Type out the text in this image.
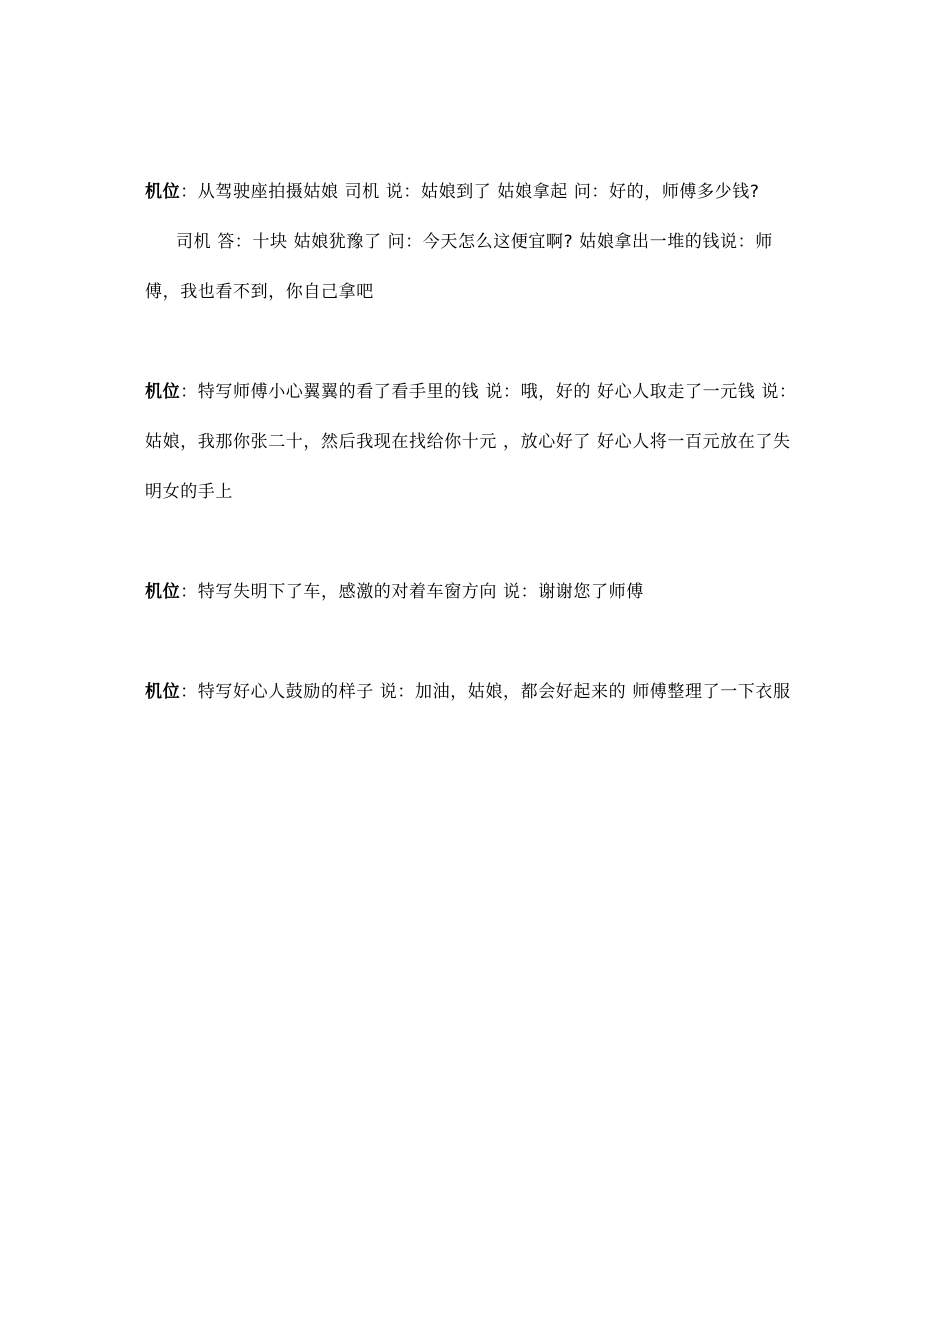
机位：从驾驶座拍摄姑娘 司机 说：姑娘到了 姑娘拿起 问：好的，师傅多少钱?

司机 答：十块 姑娘犹豫了 问：今天怎么这便宜啊? 姑娘拿出一堆的钱说：师傅，我也看不到，你自己拿吧

机位：特写师傅小心翼翼的看了看手里的钱 说：哦，好的 好心人取走了一元钱 说：姑娘，我那你张二十，然后我现在找给你十元 ，放心好了 好心人将一百元放在了失明女的手上

机位：特写失明下了车，感激的对着车窗方向 说：谢谢您了师傅

机位：特写好心人鼓励的样子 说：加油，姑娘，都会好起来的 师傅整理了一下衣服
